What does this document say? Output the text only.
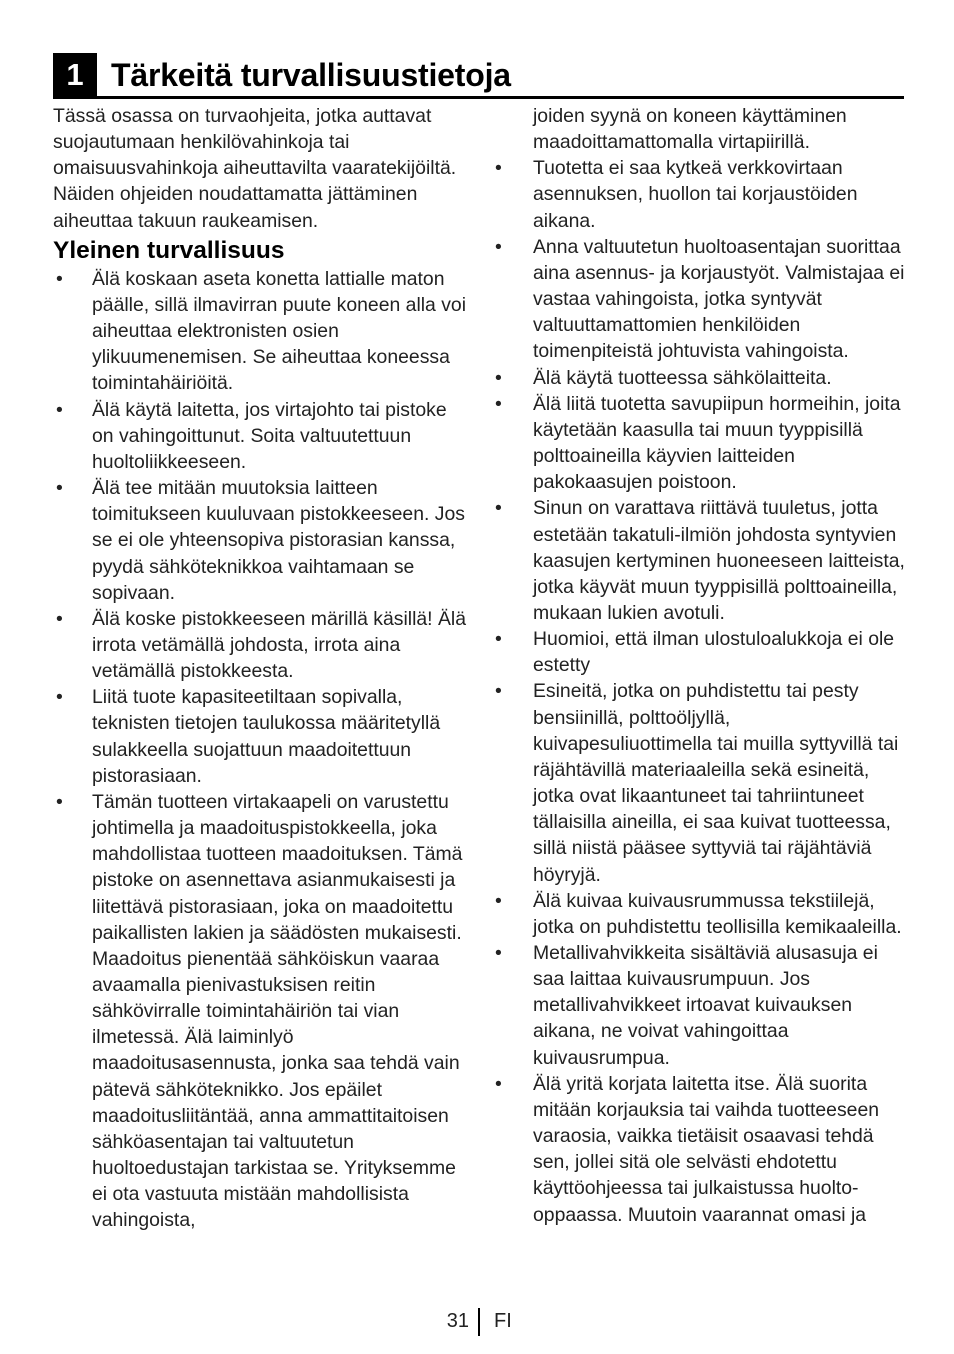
1 Tärkeitä turvallisuustietoja

Tässä osassa on turvaohjeita, jotka auttavat suojautumaan henkilövahinkoja tai omaisuusvahinkoja aiheuttavilta vaaratekijöiltä. Näiden ohjeiden noudattamatta jättäminen aiheuttaa takuun raukeamisen.

Yleinen turvallisuus
• Älä koskaan aseta konetta lattialle maton päälle, sillä ilmavirran puute koneen alla voi aiheuttaa elektronisten osien ylikuumenemisen. Se aiheuttaa koneessa toimintahäiriöitä.
• Älä käytä laitetta, jos virtajohto tai pistoke on vahingoittunut. Soita valtuutettuun huoltoliikkeeseen.
• Älä tee mitään muutoksia laitteen toimitukseen kuuluvaan pistokkeeseen. Jos se ei ole yhteensopiva pistorasian kanssa, pyydä sähköteknikkoa vaihtamaan se sopivaan.
• Älä koske pistokkeeseen märillä käsillä! Älä irrota vetämällä johdosta, irrota aina vetämällä pistokkeesta.
• Liitä tuote kapasiteetiltaan sopivalla, teknisten tietojen taulukossa määritetyllä sulakkeella suojattuun maadoitettuun pistorasiaan.
• Tämän tuotteen virtakaapeli on varustettu johtimella ja maadoituspistokkeella, joka mahdollistaa tuotteen maadoituksen. Tämä pistoke on asennettava asianmukaisesti ja liitettävä pistorasiaan, joka on maadoitettu paikallisten lakien ja säädösten mukaisesti. Maadoitus pienentää sähköiskun vaaraa avaamalla pienivastuksisen reitin sähkövirralle toimintahäiriön tai vian ilmetessä. Älä laiminlyö maadoitusasennusta, jonka saa tehdä vain pätevä sähköteknikko. Jos epäilet maadoitusliitäntää, anna ammattitaitoisen sähköasentajan tai valtuutetun huoltoedustajan tarkistaa se. Yrityksemme ei ota vastuuta mistään mahdollisista vahingoista,
joiden syynä on koneen käyttäminen maadoittamattomalla virtapiirillä.
• Tuotetta ei saa kytkeä verkkovirtaan asennuksen, huollon tai korjaustöiden aikana.
• Anna valtuutetun huoltoasentajan suorittaa aina asennus- ja korjaustyöt. Valmistajaa ei vastaa vahingoista, jotka syntyvät valtuuttamattomien henkilöiden toimenpiteistä johtuvista vahingoista.
• Älä käytä tuotteessa sähkölaitteita.
• Älä liitä tuotetta savupiipun hormeihin, joita käytetään kaasulla tai muun tyyppisillä polttoaineilla käyvien laitteiden pakokaasujen poistoon.
• Sinun on varattava riittävä tuuletus, jotta estetään takatuli-ilmiön johdosta syntyvien kaasujen kertyminen huoneeseen laitteista, jotka käyvät muun tyyppisillä polttoaineilla, mukaan lukien avotuli.
• Huomioi, että ilman ulostuloalukkoja ei ole estetty
• Esineitä, jotka on puhdistettu tai pesty bensiinillä, polttoöljyllä, kuivapesuliuottimella tai muilla syttyvillä tai räjähtävillä materiaaleilla sekä esineitä, jotka ovat likaantuneet tai tahriintuneet tällaisilla aineilla, ei saa kuivat tuotteessa, sillä niistä pääsee syttyviä tai räjähtäviä höyryjä.
• Älä kuivaa kuivausrummussa tekstiilejä, jotka on puhdistettu teollisilla kemikaaleilla.
• Metallivahvikkeita sisältäviä alusasuja ei saa laittaa kuivausrumpuun. Jos metallivahvikkeet irtoavat kuivauksen aikana, ne voivat vahingoittaa kuivausrumpua.
• Älä yritä korjata laitetta itse. Älä suorita mitään korjauksia tai vaihda tuotteeseen varaosia, vaikka tietäisit osaavasi tehdä sen, jollei sitä ole selvästi ehdotettu käyttöohjeessa tai julkaistussa huolto-oppaassa. Muutoin vaarannat omasi ja
31 FI
